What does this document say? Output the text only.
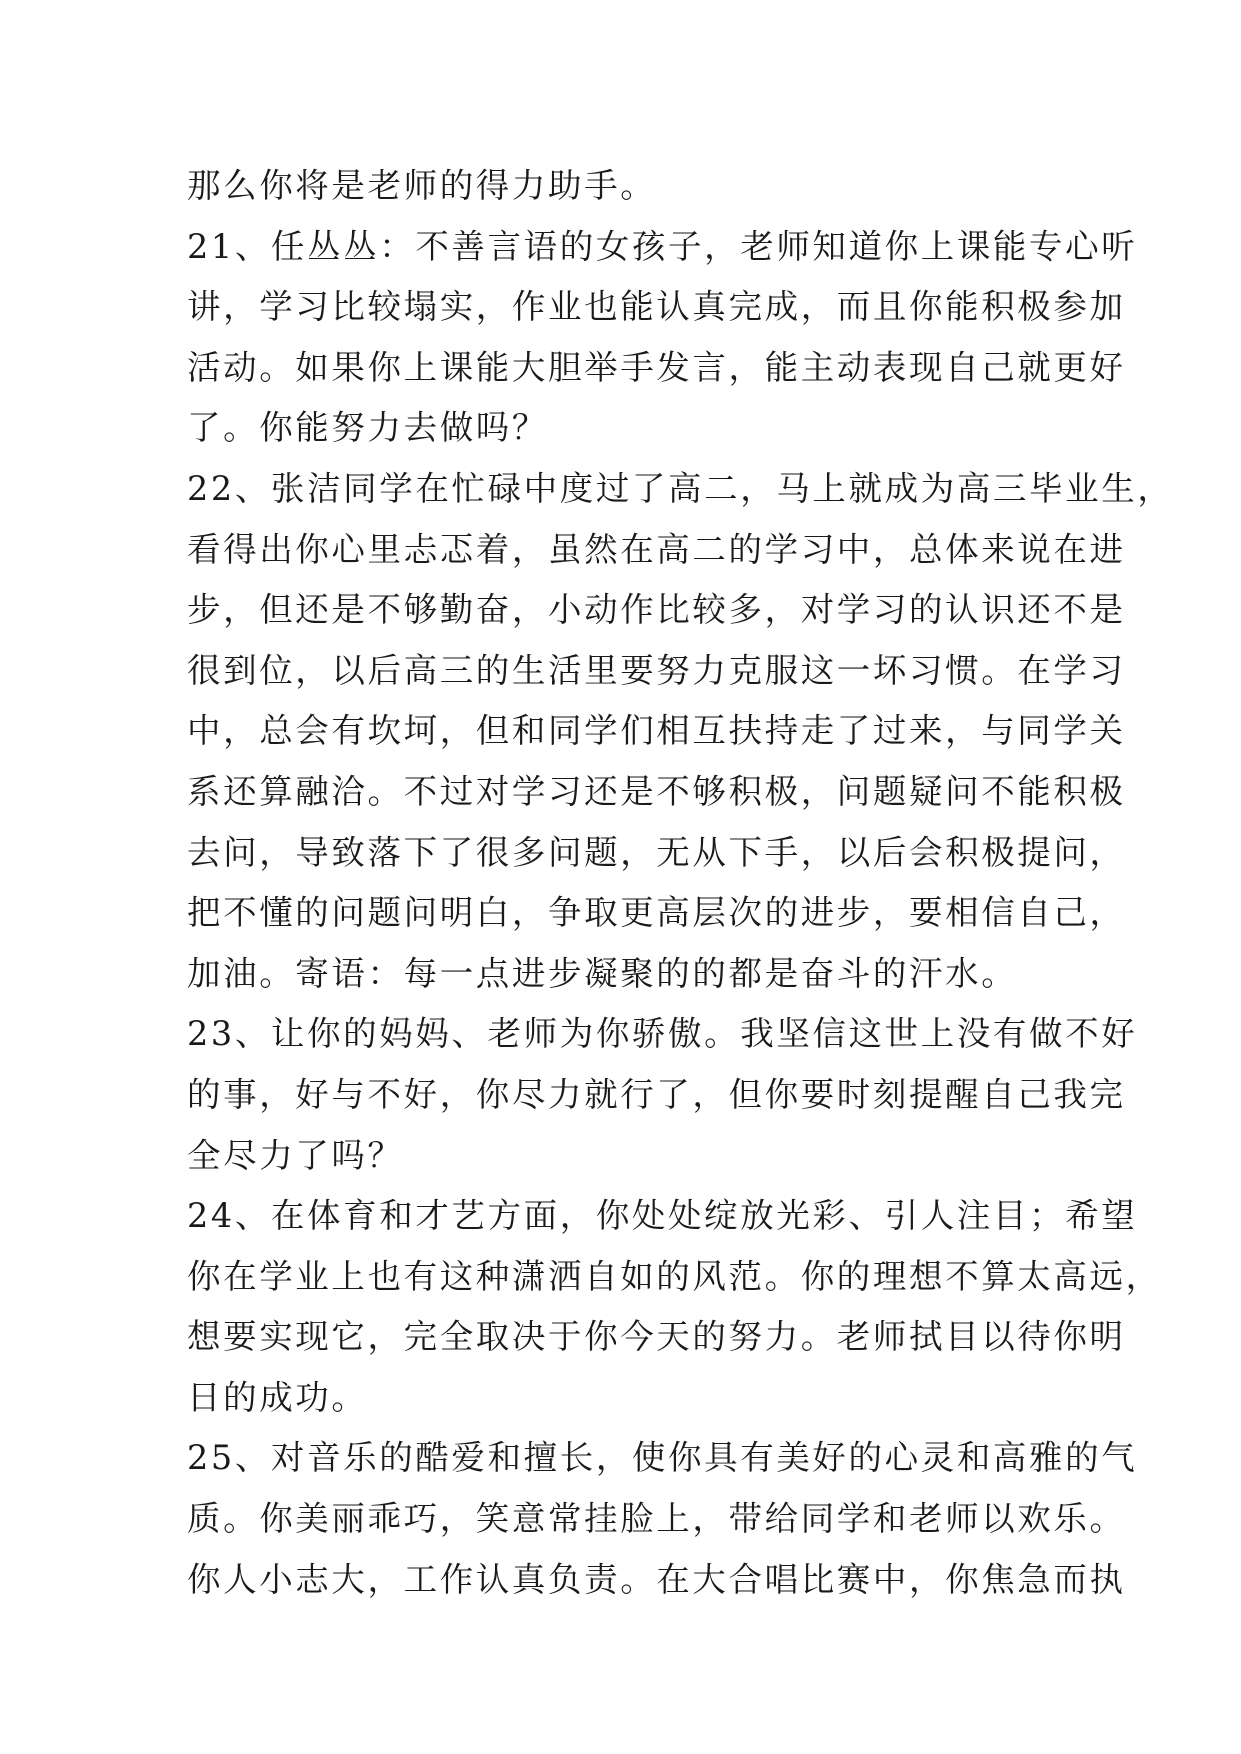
那么你将是老师的得力助手。
21、任丛丛：不善言语的女孩子，老师知道你上课能专心听
讲，学习比较塌实，作业也能认真完成，而且你能积极参加
活动。如果你上课能大胆举手发言，能主动表现自己就更好
了。你能努力去做吗？
22、张洁同学在忙碌中度过了高二，马上就成为高三毕业生，
看得出你心里忐忑着，虽然在高二的学习中，总体来说在进
步，但还是不够勤奋，小动作比较多，对学习的认识还不是
很到位，以后高三的生活里要努力克服这一坏习惯。在学习
中，总会有坎坷，但和同学们相互扶持走了过来，与同学关
系还算融洽。不过对学习还是不够积极，问题疑问不能积极
去问，导致落下了很多问题，无从下手，以后会积极提问，
把不懂的问题问明白，争取更高层次的进步，要相信自己，
加油。寄语：每一点进步凝聚的的都是奋斗的汗水。
23、让你的妈妈、老师为你骄傲。我坚信这世上没有做不好
的事，好与不好，你尽力就行了，但你要时刻提醒自己我完
全尽力了吗？
24、在体育和才艺方面，你处处绽放光彩、引人注目；希望
你在学业上也有这种潇洒自如的风范。你的理想不算太高远，
想要实现它，完全取决于你今天的努力。老师拭目以待你明
日的成功。
25、对音乐的酷爱和擅长，使你具有美好的心灵和高雅的气
质。你美丽乖巧，笑意常挂脸上，带给同学和老师以欢乐。
你人小志大，工作认真负责。在大合唱比赛中，你焦急而执
